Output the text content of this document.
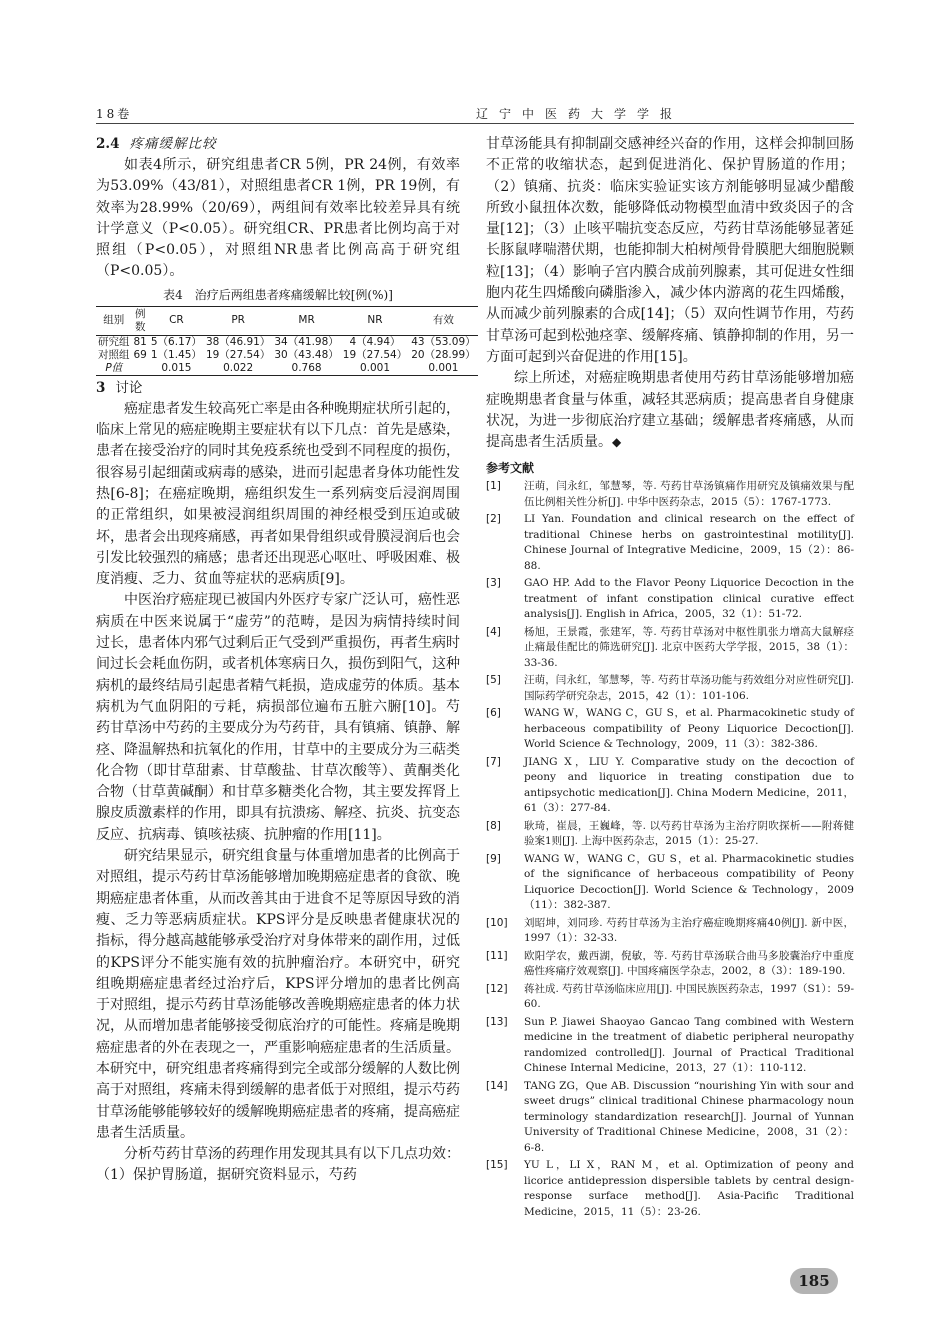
18卷	辽宁中医药大学学报
2.4 疼痛缓解比较

如表4所示，研究组患者CR 5例，PR 24例，有效率为53.09%（43/81），对照组患者CR 1例，PR 19例，有效率为28.99%（20/69），两组间有效率比较差异具有统计学意义（P<0.05）。研究组CR、PR患者比例均高于对照组（P<0.05），对照组NR患者比例高高于研究组（P<0.05）。

表4　治疗后两组患者疼痛缓解比较[例(%)]
组别	例数	CR	PR	MR	NR	有效
研究组	81	5（6.17）	38（46.91）	34（41.98）	4（4.94）	43（53.09）
对照组	69	1（1.45）	19（27.54）	30（43.48）	19（27.54）	20（28.99）
P值		0.015	0.022	0.768	0.001	0.001
3 讨论

癌症患者发生较高死亡率是由各种晚期症状所引起的，临床上常见的癌症晚期主要症状有以下几点：首先是感染，患者在接受治疗的同时其免疫系统也受到不同程度的损伤，很容易引起细菌或病毒的感染，进而引起患者身体功能性发热[6-8]；在癌症晚期，癌组织发生一系列病变后浸润周围的正常组织，如果被浸润组织周围的神经根受到压迫或破坏，患者会出现疼痛感，再者如果骨组织或骨膜浸润后也会引发比较强烈的痛感；患者还出现恶心呕吐、呼吸困难、极度消瘦、乏力、贫血等症状的恶病质[9]。

中医治疗癌症现已被国内外医疗专家广泛认可，癌性恶病质在中医来说属于“虚劳”的范畴，是因为病情持续时间过长，患者体内邪气过剩后正气受到严重损伤，再者生病时间过长会耗血伤阴，或者机体寒病日久，损伤到阳气，这种病机的最终结局引起患者精气耗损，造成虚劳的体质。基本病机为气血阴阳的亏耗，病损部位遍布五脏六腑[10]。芍药甘草汤中芍药的主要成分为芍药苷，具有镇痛、镇静、解痉、降温解热和抗氧化的作用，甘草中的主要成分为三萜类化合物（即甘草甜素、甘草酸盐、甘草次酸等）、黄酮类化合物（甘草黄碱酮）和甘草多糖类化合物，其主要发挥肾上腺皮质激素样的作用，即具有抗溃疡、解痉、抗炎、抗变态反应、抗病毒、镇咳祛痰、抗肿瘤的作用[11]。

研究结果显示，研究组食量与体重增加患者的比例高于对照组，提示芍药甘草汤能够增加晚期癌症患者的食欲、晚期癌症患者体重，从而改善其由于进食不足等原因导致的消瘦、乏力等恶病质症状。KPS评分是反映患者健康状况的指标，得分越高越能够承受治疗对身体带来的副作用，过低的KPS评分不能实施有效的抗肿瘤治疗。本研究中，研究组晚期癌症患者经过治疗后，KPS评分增加的患者比例高于对照组，提示芍药甘草汤能够改善晚期癌症患者的体力状况，从而增加患者能够接受彻底治疗的可能性。疼痛是晚期癌症患者的外在表现之一，严重影响癌症患者的生活质量。本研究中，研究组患者疼痛得到完全或部分缓解的人数比例高于对照组，疼痛未得到缓解的患者低于对照组，提示芍药甘草汤能够能够较好的缓解晚期癌症患者的疼痛，提高癌症患者生活质量。

分析芍药甘草汤的药理作用发现其具有以下几点功效：（1）保护胃肠道，据研究资料显示，芍药

甘草汤能具有抑制副交感神经兴奋的作用，这样会抑制回肠不正常的收缩状态，起到促进消化、保护胃肠道的作用；（2）镇痛、抗炎：临床实验证实该方剂能够明显减少醋酸所致小鼠扭体次数，能够降低动物模型血清中致炎因子的含量[12]；（3）止咳平喘抗变态反应，芍药甘草汤能够显著延长豚鼠哮喘潜伏期，也能抑制大柏树颅骨骨膜肥大细胞脱颗粒[13]；（4）影响子宫内膜合成前列腺素，其可促进女性细胞内花生四烯酸向磷脂渗入，减少体内游离的花生四烯酸，从而减少前列腺素的合成[14]；（5）双向性调节作用，芍药甘草汤可起到松弛痉挛、缓解疼痛、镇静抑制的作用，另一方面可起到兴奋促进的作用[15]。

综上所述，对癌症晚期患者使用芍药甘草汤能够增加癌症晚期患者食量与体重，减轻其恶病质；提高患者自身健康状况，为进一步彻底治疗建立基础；缓解患者疼痛感，从而提高患者生活质量。◆

参考文献
[1]	汪萌，闫永红，邹慧琴，等. 芍药甘草汤镇痛作用研究及镇痛效果与配伍比例相关性分析[J]. 中华中医药杂志，2015（5）：1767-1773.
[2]	LI Yan. Foundation and clinical research on the effect of traditional Chinese herbs on gastrointestinal motility[J]. Chinese Journal of Integrative Medicine，2009，15（2）：86-88.
[3]	GAO HP. Add to the Flavor Peony Liquorice Decoction in the treatment of infant constipation clinical curative effect analysis[J]. English in Africa，2005，32（1）：51-72.
[4]	杨旭，王景霞，张建军，等. 芍药甘草汤对中枢性肌张力增高大鼠解痉止痛最佳配比的筛选研究[J]. 北京中医药大学学报，2015，38（1）：33-36.
[5]	汪萌，闫永红，邹慧琴，等. 芍药甘草汤功能与药效组分对应性研究[J]. 国际药学研究杂志，2015，42（1）：101-106.
[6]	WANG W，WANG C，GU S，et al. Pharmacokinetic study of herbaceous compatibility of Peony Liquorice Decoction[J]. World Science & Technology，2009，11（3）：382-386.
[7]	JIANG X，LIU Y. Comparative study on the decoction of peony and liquorice in treating constipation due to antipsychotic medication[J]. China Modern Medicine，2011，61（3）：277-84.
[8]	耿琦，崔晨，王巍峰，等. 以芍药甘草汤为主治疗阴吹探析——附蒋健验案1则[J]. 上海中医药杂志，2015（1）：25-27.
[9]	WANG W，WANG C，GU S，et al. Pharmacokinetic studies of the significance of herbaceous compatibility of Peony Liquorice Decoction[J]. World Science & Technology，2009（11）：382-387.
[10]	刘昭坤，刘同珍. 芍药甘草汤为主治疗癌症晚期疼痛40例[J]. 新中医，1997（1）：32-33.
[11]	欧阳学农，戴西湖，倪敏，等. 芍药甘草汤联合曲马多胶囊治疗中重度癌性疼痛疗效观察[J]. 中国疼痛医学杂志，2002，8（3）：189-190.
[12]	蒋社成. 芍药甘草汤临床应用[J]. 中国民族医药杂志，1997（S1）：59-60.
[13]	Sun P. Jiawei Shaoyao Gancao Tang combined with Western medicine in the treatment of diabetic peripheral neuropathy randomized controlled[J]. Journal of Practical Traditional Chinese Internal Medicine，2013，27（1）：110-112.
[14]	TANG ZG，Que AB. Discussion “nourishing Yin with sour and sweet drugs” clinical traditional Chinese pharmacology noun terminology standardization research[J]. Journal of Yunnan University of Traditional Chinese Medicine，2008，31（2）：6-8.
[15]	YU L，LI X，RAN M，et al. Optimization of peony and licorice antidepression dispersible tablets by central design-response surface method[J]. Asia-Pacific Traditional Medicine，2015，11（5）：23-26.
185
